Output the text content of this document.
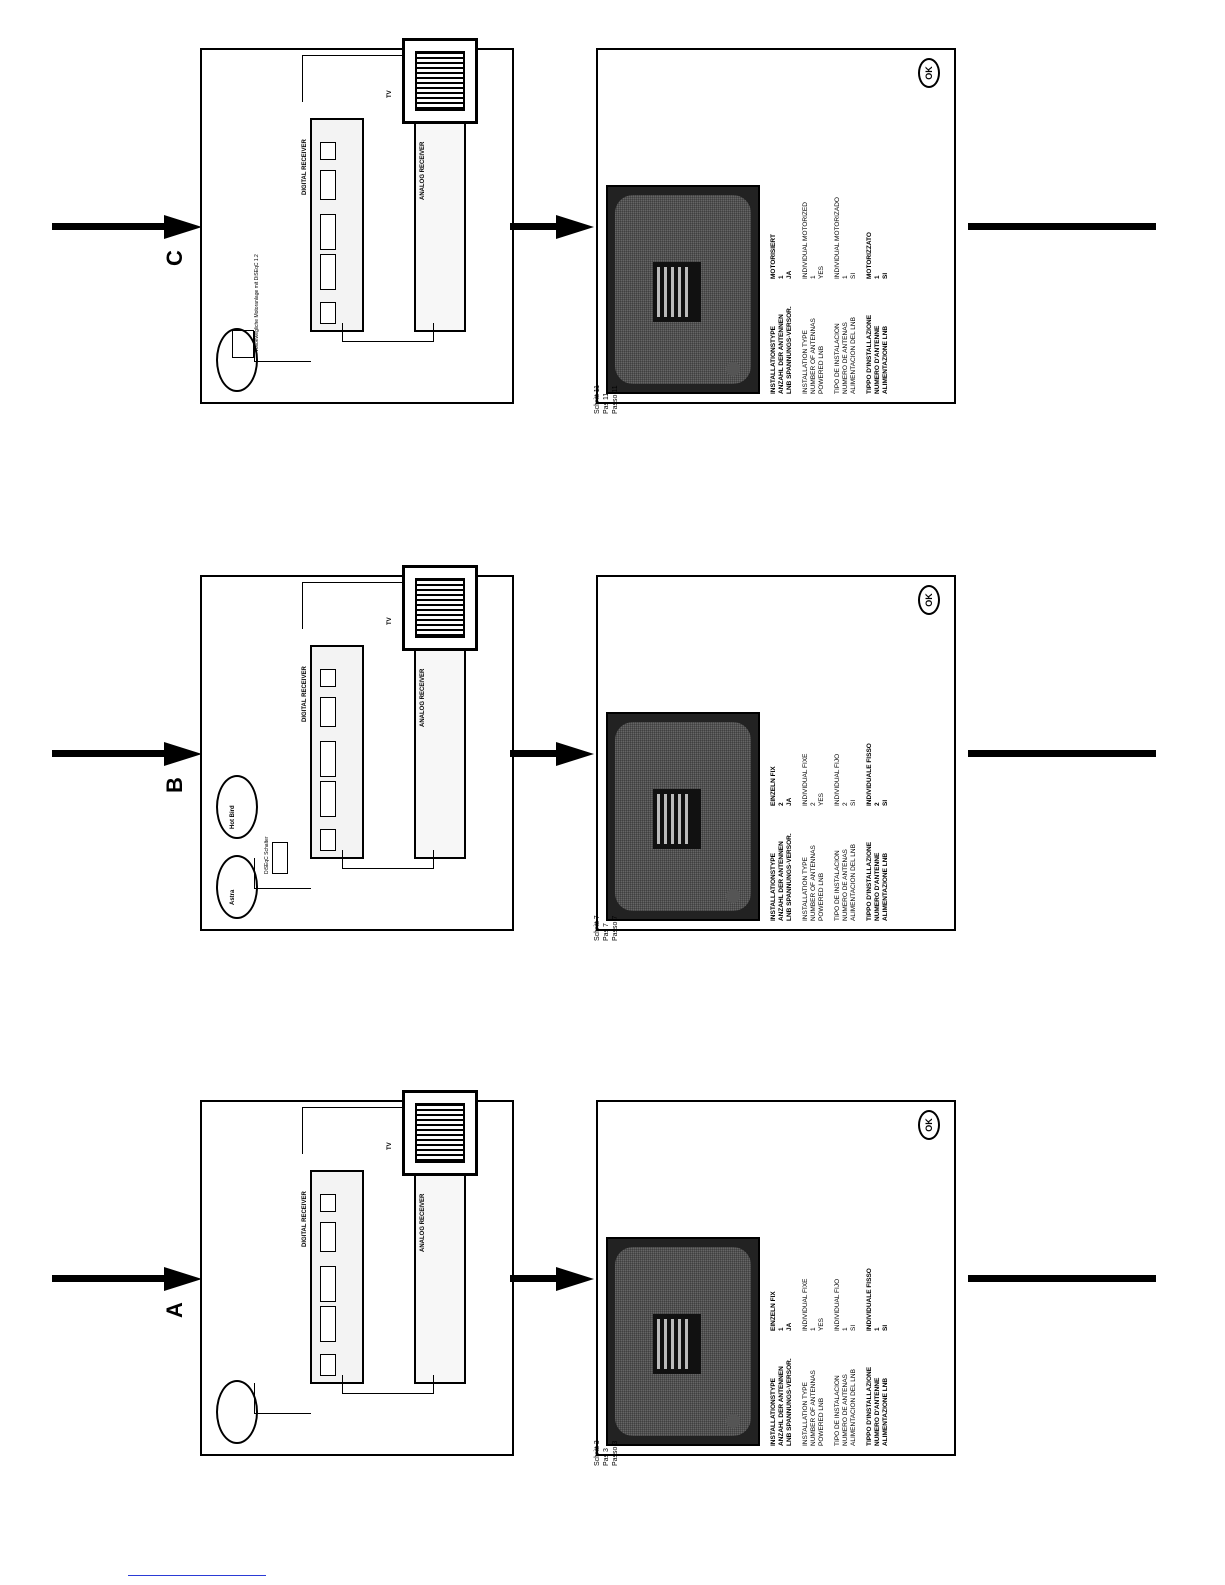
C	Vollbewegliche Motoranlage mit DiSEqC 1.2
DIGITAL RECEIVER	ANALOG RECEIVER
TV
INSTALLATIONSTYPE
MOTORISIERT
ANZAHL DER ANTENNEN
1
LNB SPANNUNGS-VERSOR.
JA
INSTALLATION TYPE
INDIVIDUAL MOTORIZED
NUMBER OF ANTENNAS
1
POWERED LNB
YES
TIPO DE INSTALACION
INDIVIDUAL MOTORIZADO
NUMERO DE ANTENAS
1
ALIMENTACION DEL LNB
SI
TIPPO D'INSTALLAZIONE
MOTORIZZATO
NUMERO D'ANTENNE
1
ALIMENTAZIONE LNB
SI
OK
Schritt 11 Pas 11 Passo 11
B
Astra
Hot Bird
DiSEqC Schalter
DIGITAL RECEIVER	ANALOG RECEIVER
TV
INSTALLATIONSTYPE
EINZELN FIX
ANZAHL DER ANTENNEN
2
LNB SPANNUNGS-VERSOR.
JA
INSTALLATION TYPE
INDIVIDUAL FIXE
NUMBER OF ANTENNAS
2
POWERED LNB
YES
TIPO DE INSTALACION
INDIVIDUAL FIJO
NUMERO DE ANTENAS
2
ALIMENTACION DEL LNB
SI
TIPPO D'INSTALLAZIONE
INDIVIDUALE FISSO
NUMERO D'ANTENNE
2
ALIMENTAZIONE LNB
SI
OK
Schritt 7 Pas 7 Passo 7
A
DIGITAL RECEIVER	ANALOG RECEIVER
TV
INSTALLATIONSTYPE
EINZELN FIX
ANZAHL DER ANTENNEN
1
LNB SPANNUNGS-VERSOR.
JA
INSTALLATION TYPE
INDIVIDUAL FIXE
NUMBER OF ANTENNAS
1
POWERED LNB
YES
TIPO DE INSTALACION
INDIVIDUAL FIJO
NUMERO DE ANTENAS
1
ALIMENTACION DEL LNB
SI
TIPPO D'INSTALLAZIONE
INDIVIDUALE FISSO
NUMERO D'ANTENNE
1
ALIMENTAZIONE LNB
SI
OK
Schritt 3 Pas 3 Passo 3
